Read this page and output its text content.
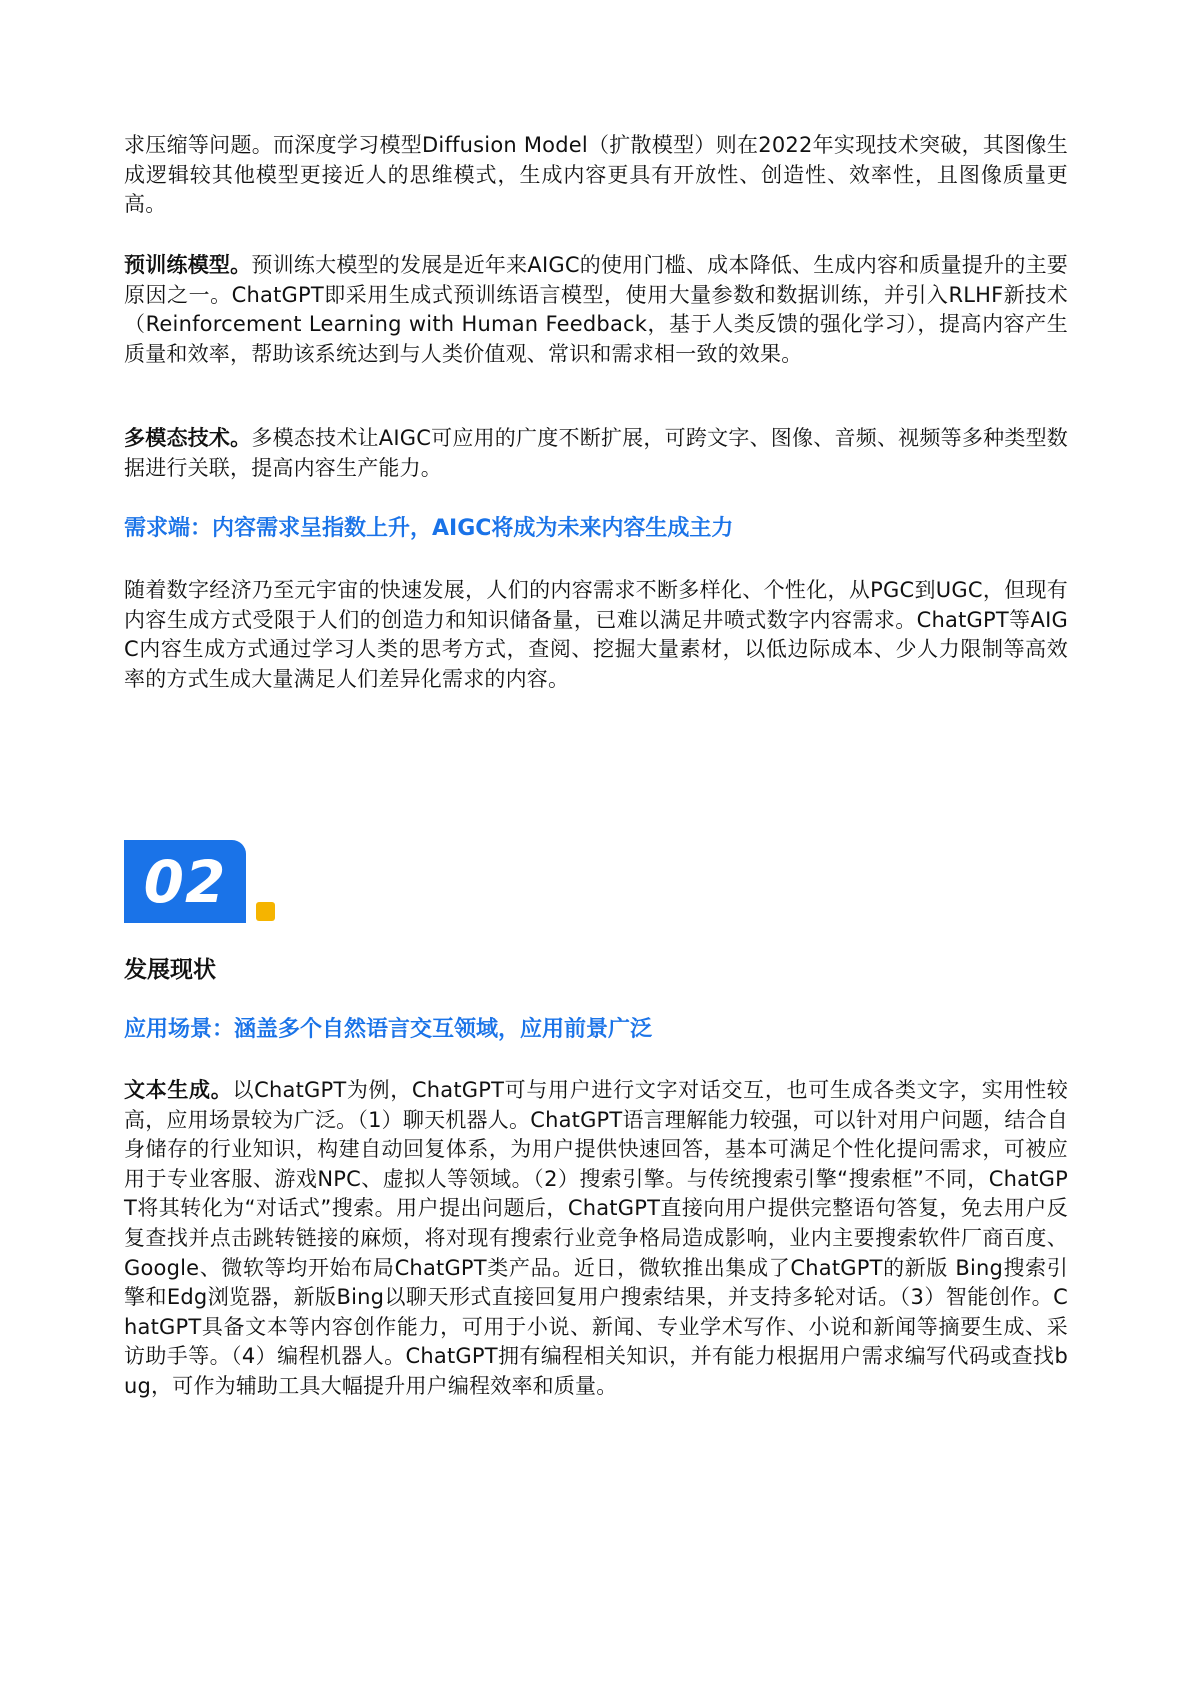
求压缩等问题。而深度学习模型Diffusion Model（扩散模型）则在2022年实现技术突破，其图像生成逻辑较其他模型更接近人的思维模式，生成内容更具有开放性、创造性、效率性，且图像质量更高。

预训练模型。预训练大模型的发展是近年来AIGC的使用门槛、成本降低、生成内容和质量提升的主要原因之一。ChatGPT即采用生成式预训练语言模型，使用大量参数和数据训练，并引入RLHF新技术（Reinforcement Learning with Human Feedback，基于人类反馈的强化学习），提高内容产生质量和效率，帮助该系统达到与人类价值观、常识和需求相一致的效果。

多模态技术。多模态技术让AIGC可应用的广度不断扩展，可跨文字、图像、音频、视频等多种类型数据进行关联，提高内容生产能力。

需求端：内容需求呈指数上升，AIGC将成为未来内容生成主力

随着数字经济乃至元宇宙的快速发展，人们的内容需求不断多样化、个性化，从PGC到UGC，但现有内容生成方式受限于人们的创造力和知识储备量，已难以满足井喷式数字内容需求。ChatGPT等AIGC内容生成方式通过学习人类的思考方式，查阅、挖掘大量素材，以低边际成本、少人力限制等高效率的方式生成大量满足人们差异化需求的内容。

02
发展现状
应用场景：涵盖多个自然语言交互领域，应用前景广泛

文本生成。以ChatGPT为例，ChatGPT可与用户进行文字对话交互，也可生成各类文字，实用性较高，应用场景较为广泛。（1）聊天机器人。ChatGPT语言理解能力较强，可以针对用户问题，结合自身储存的行业知识，构建自动回复体系，为用户提供快速回答，基本可满足个性化提问需求，可被应用于专业客服、游戏NPC、虚拟人等领域。（2）搜索引擎。与传统搜索引擎“搜索框”不同，ChatGPT将其转化为“对话式”搜索。用户提出问题后，ChatGPT直接向用户提供完整语句答复，免去用户反复查找并点击跳转链接的麻烦，将对现有搜索行业竞争格局造成影响，业内主要搜索软件厂商百度、Google、微软等均开始布局ChatGPT类产品。近日，微软推出集成了ChatGPT的新版 Bing搜索引擎和Edg浏览器，新版Bing以聊天形式直接回复用户搜索结果，并支持多轮对话。（3）智能创作。ChatGPT具备文本等内容创作能力，可用于小说、新闻、专业学术写作、小说和新闻等摘要生成、采访助手等。（4）编程机器人。ChatGPT拥有编程相关知识，并有能力根据用户需求编写代码或查找bug，可作为辅助工具大幅提升用户编程效率和质量。
